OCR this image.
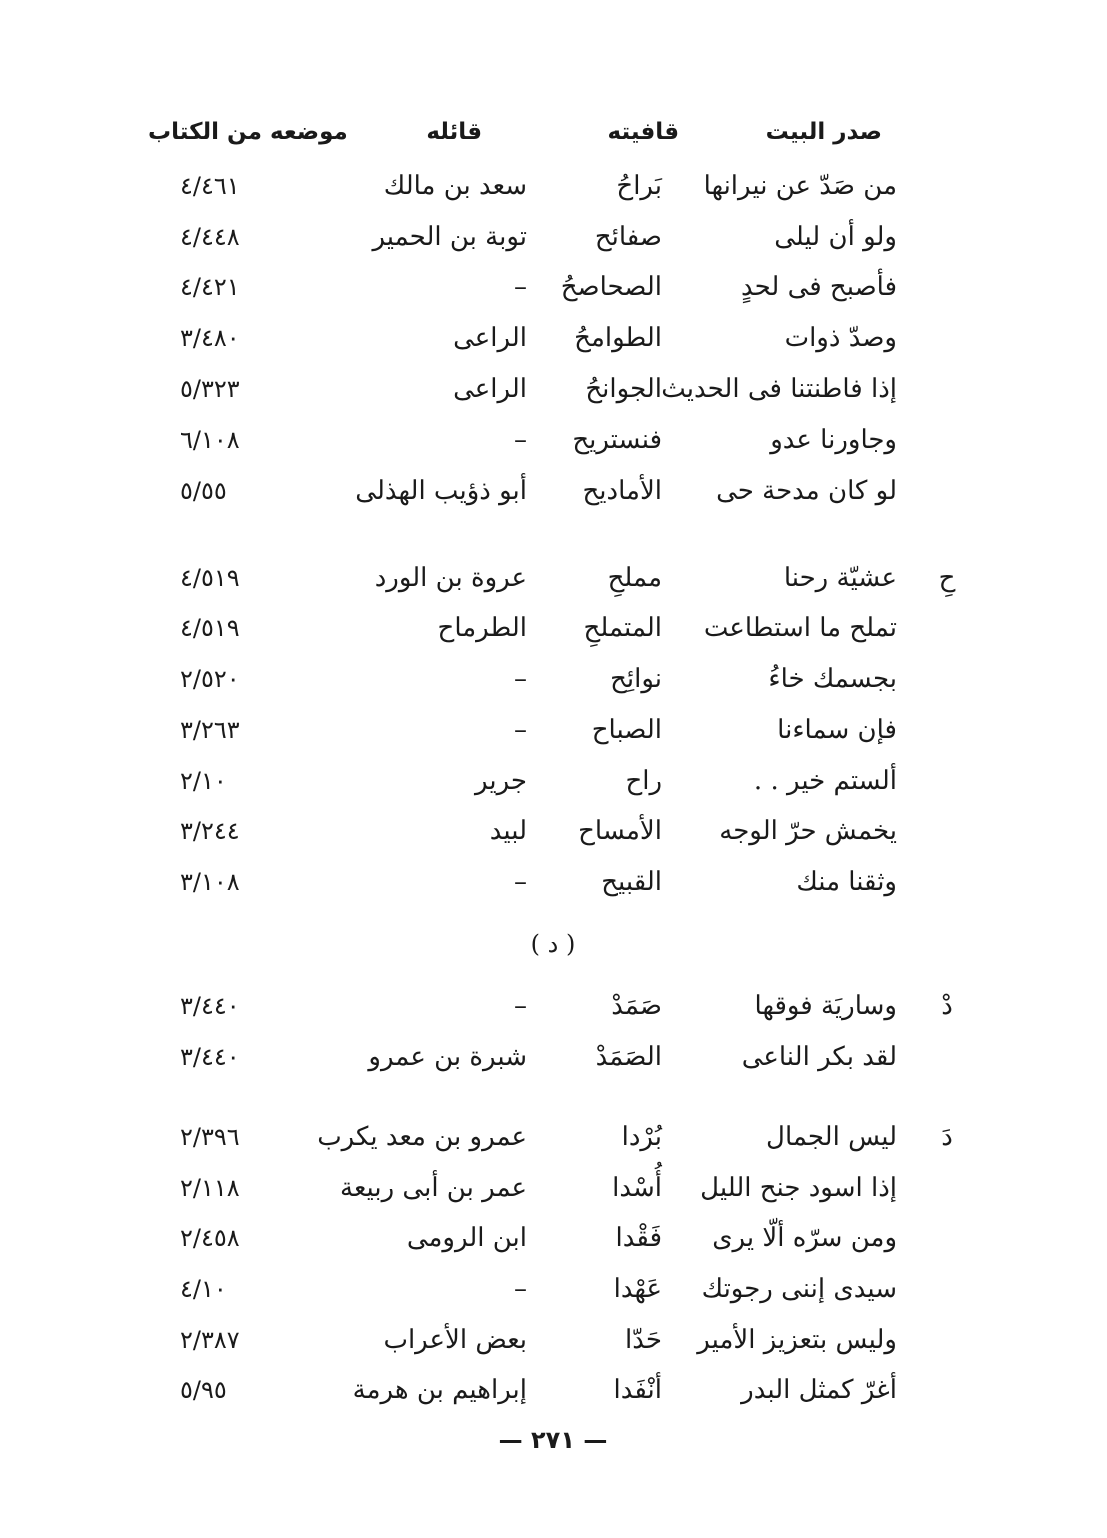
صدر البيت
قافيته
قائله
موضعه من الكتاب
من صَدّ عن نيرانها
بَراحُ
سعد بن مالك
٤/٤٦١
ولو أن ليلى
صفائح
توبة بن الحمير
٤/٤٤٨
فأصبح فى لحدٍ
الصحاصحُ
–
٤/٤٢١
وصدّ ذوات
الطوامحُ
الراعى
٣/٤٨٠
إذا فاطنتنا فى الحديث
الجوانحُ
الراعى
٥/٣٢٣
وجاورنا عدو
فنستريح
–
٦/١٠٨
لو كان مدحة حى
الأماديح
أبو ذؤيب الهذلى
٥/٥٥
حِ
عشيّة رحنا
مملحِ
عروة بن الورد
٤/٥١٩
تملح ما استطاعت
المتملحِ
الطرماح
٤/٥١٩
بجسمك خاءُ
نوائِح
–
٢/٥٢٠
فإن سماءنا
الصباح
–
٣/٢٦٣
ألستم خير . .
راح
جرير
٢/١٠
يخمش حرّ الوجه
الأمساح
لبيد
٣/٢٤٤
وثقنا منك
القبيح
–
٣/١٠٨
دْ
وساريَة فوقها
صَمَدْ
–
٣/٤٤٠
لقد بكر الناعى
الصَمَدْ
شبرة بن عمرو
٣/٤٤٠
دَ
ليس الجمال
بُرْدا
عمرو بن معد يكرب
٢/٣٩٦
إذا اسود جنح الليل
أُسْدا
عمر بن أبى ربيعة
٢/١١٨
ومن سرّه ألّا يرى
فَقْدا
ابن الرومى
٢/٤٥٨
سيدى إننى رجوتك
عَهْدا
–
٤/١٠
وليس بتعزيز الأمير
حَدّا
بعض الأعراب
٢/٣٨٧
أغرّ كمثل البدر
أنْفَدا
إبراهيم بن هرمة
٥/٩٥
( د )
— ٢٧١ —
